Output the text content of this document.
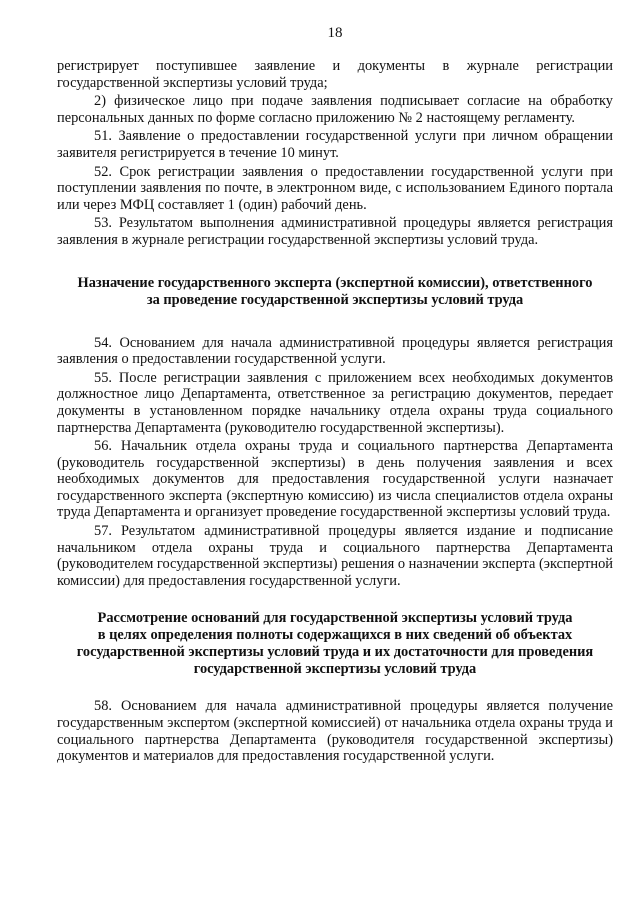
18

регистрирует поступившее заявление и документы в журнале регистрации государственной экспертизы условий труда;

2) физическое лицо при подаче заявления подписывает согласие на обработку персональных данных по форме согласно приложению № 2 настоящему регламенту.

51. Заявление о предоставлении государственной услуги при личном обращении заявителя регистрируется в течение 10 минут.

52. Срок регистрации заявления о предоставлении государственной услуги при поступлении заявления по почте, в электронном виде, с использованием Единого портала или через МФЦ составляет 1 (один) рабочий день.

53. Результатом выполнения административной процедуры является регистрация заявления в журнале регистрации государственной экспертизы условий труда.

Назначение государственного эксперта (экспертной комиссии), ответственного
за проведение государственной экспертизы условий труда

54. Основанием для начала административной процедуры является регистрация заявления о предоставлении государственной услуги.

55. После регистрации заявления с приложением всех необходимых документов должностное лицо Департамента, ответственное за регистрацию документов, передает документы в установленном порядке начальнику отдела охраны труда социального партнерства Департамента (руководителю государственной экспертизы).

56. Начальник отдела охраны труда и социального партнерства Департамента (руководитель государственной экспертизы) в день получения заявления и всех необходимых документов для предоставления государственной услуги назначает государственного эксперта (экспертную комиссию) из числа специалистов отдела охраны труда Департамента и организует проведение государственной экспертизы условий труда.

57. Результатом административной процедуры является издание и подписание начальником отдела охраны труда и социального партнерства Департамента (руководителем государственной экспертизы) решения о назначении эксперта (экспертной комиссии) для предоставления государственной услуги.

Рассмотрение оснований для государственной экспертизы условий труда
в целях определения полноты содержащихся в них сведений об объектах
государственной экспертизы условий труда и их достаточности для проведения
государственной экспертизы условий труда

58. Основанием для начала административной процедуры является получение государственным экспертом (экспертной комиссией) от начальника отдела охраны труда и социального партнерства Департамента (руководителя государственной экспертизы) документов и материалов для предоставления государственной услуги.
